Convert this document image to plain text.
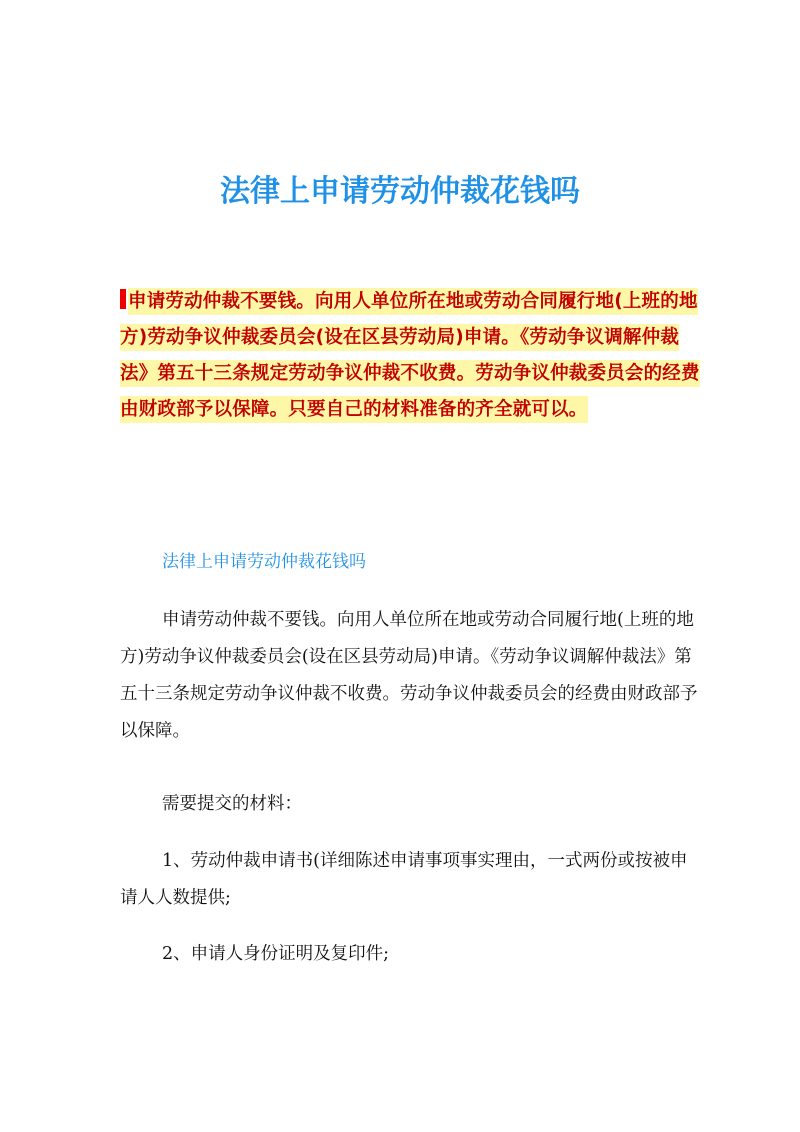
法律上申请劳动仲裁花钱吗

申请劳动仲裁不要钱。向用人单位所在地或劳动合同履行地(上班的地方)劳动争议仲裁委员会(设在区县劳动局)申请。《劳动争议调解仲裁法》第五十三条规定劳动争议仲裁不收费。劳动争议仲裁委员会的经费由财政部予以保障。只要自己的材料准备的齐全就可以。

法律上申请劳动仲裁花钱吗

申请劳动仲裁不要钱。向用人单位所在地或劳动合同履行地(上班的地方)劳动争议仲裁委员会(设在区县劳动局)申请。《劳动争议调解仲裁法》第五十三条规定劳动争议仲裁不收费。劳动争议仲裁委员会的经费由财政部予以保障。

需要提交的材料：

1、劳动仲裁申请书(详细陈述申请事项事实理由，一式两份或按被申请人人数提供;

2、申请人身份证明及复印件;
